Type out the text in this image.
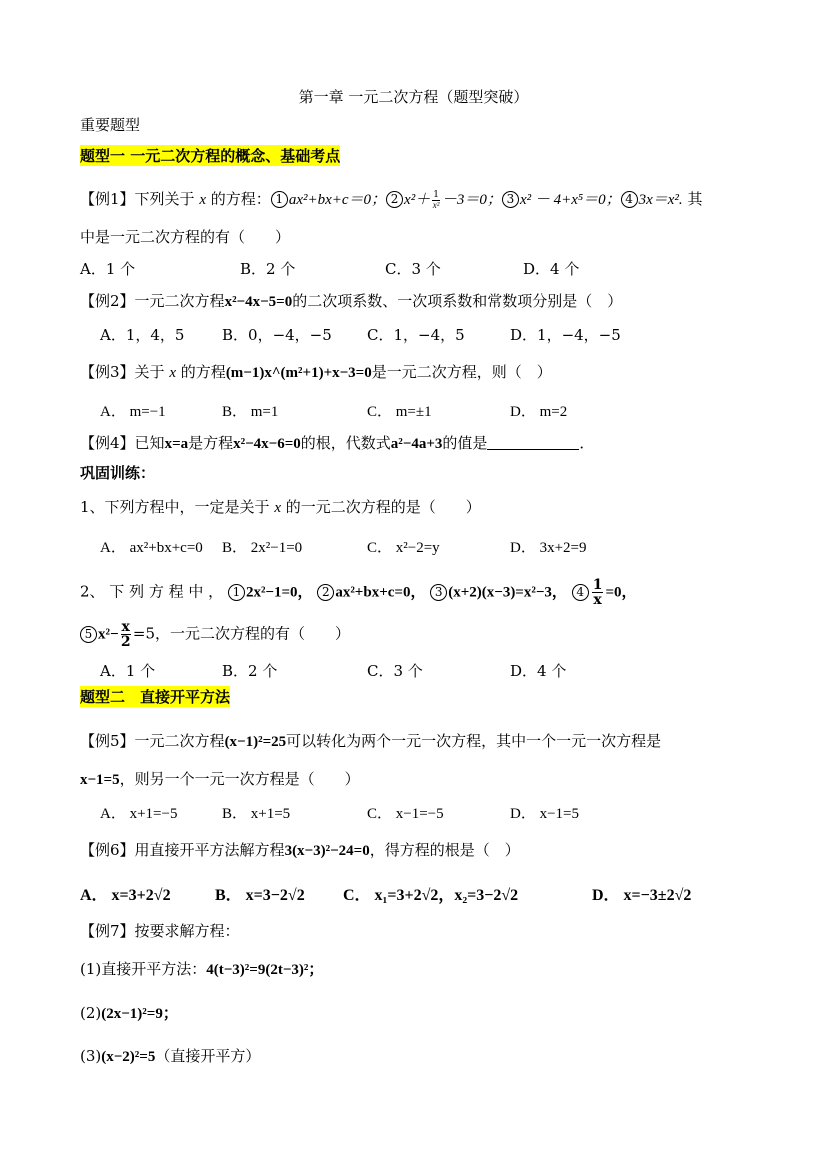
第一章 一元二次方程（题型突破）
重要题型
题型一 一元二次方程的概念、基础考点
【例1】下列关于 x 的方程： 1 ax²+bx+c＝0； 2 $x^2+ \frac{1}{\text{x²}} -3=0$； 3 x² － 4+x⁵＝0； 4 3x＝x². 其
中是一元二次方程的有（　　）
A．1 个	B．2 个	C．3 个	D．4 个
【例2】一元二次方程x²−4x−5=0的二次项系数、一次项系数和常数项分别是（　）
A．1，4，5	B．0，−4，−5 C．1，−4，5	D．1，−4，−5
【例3】关于 x 的方程(m−1)x^(m²+1)+x−3=0是一元二次方程，则（　）
A． m=−1	B． m=1	C． m=±1	D． m=2
【例4】已知x=a是方程x²−4x−6=0的根，代数式a²−4a+3的值是	．
巩固训练：
1、下列方程中，一定是关于 x 的一元二次方程的是（　　）
A． ax²+bx+c=0 B． 2x²−1=0	C． x²−2=y	D． 3x+2=9
2、 下 列 方 程 中 ， 1 2x²−1=0， 2 ax²+bx+c=0， 3 (x+2)(x−3)=x²−3， $4 \frac{1}{x} =0$，
5 $x^2- \frac{x}{2} =5$，一元二次方程的有（　　）
A．1 个	B．2 个	C．3 个	D．4 个
题型二　直接开平方法
【例5】一元二次方程(x−1)²=25可以转化为两个一元一次方程，其中一个一元一次方程是
x−1=5，则另一个一元一次方程是（　　）
A． x+1=−5	B． x+1=5	C． x−1=−5	D． x−1=5
【例6】用直接开平方法解方程3(x−3)²−24=0，得方程的根是（　）
A． x=3+2√2	B． x=3−2√2 C． x₁=3+2√2，x₂=3−2√2	D． x=−3±2√2
【例7】按要求解方程：
(1)直接开平方法：4(t−3)²=9(2t−3)²；
(2)(2x−1)²=9；
(3)(x−2)²=5（直接开平方）
